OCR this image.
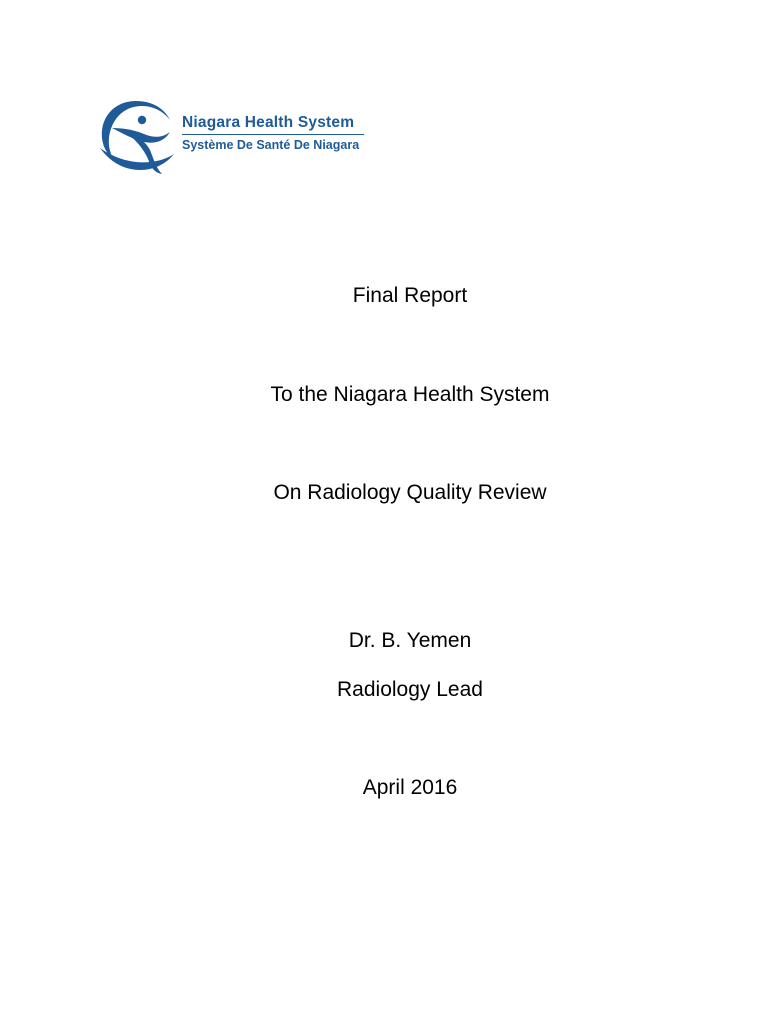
Niagara Health System
Système De Santé De Niagara
Final Report
To the Niagara Health System
On Radiology Quality Review
Dr. B. Yemen
Radiology Lead
April 2016
